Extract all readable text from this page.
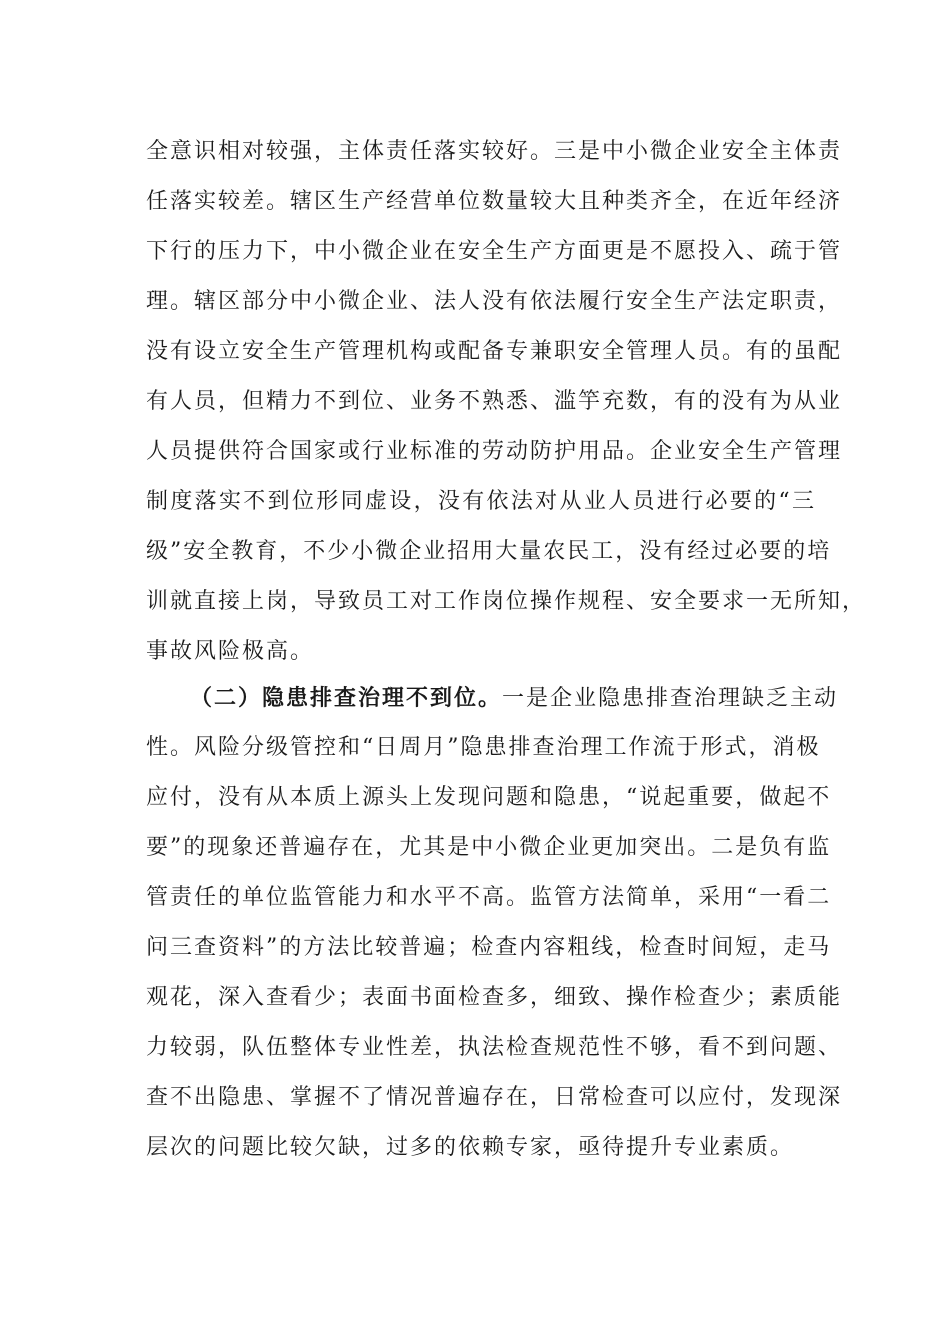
全意识相对较强，主体责任落实较好。三是中小微企业安全主体责
任落实较差。辖区生产经营单位数量较大且种类齐全，在近年经济
下行的压力下，中小微企业在安全生产方面更是不愿投入、疏于管
理。辖区部分中小微企业、法人没有依法履行安全生产法定职责，
没有设立安全生产管理机构或配备专兼职安全管理人员。有的虽配
有人员，但精力不到位、业务不熟悉、滥竽充数，有的没有为从业
人员提供符合国家或行业标准的劳动防护用品。企业安全生产管理
制度落实不到位形同虚设，没有依法对从业人员进行必要的“三
级”安全教育，不少小微企业招用大量农民工，没有经过必要的培
训就直接上岗，导致员工对工作岗位操作规程、安全要求一无所知，
事故风险极高。
（二）隐患排查治理不到位。一是企业隐患排查治理缺乏主动
性。风险分级管控和“日周月”隐患排查治理工作流于形式，消极
应付，没有从本质上源头上发现问题和隐患，“说起重要，做起不
要”的现象还普遍存在，尤其是中小微企业更加突出。二是负有监
管责任的单位监管能力和水平不高。监管方法简单，采用“一看二
问三查资料”的方法比较普遍；检查内容粗线，检查时间短，走马
观花，深入查看少；表面书面检查多，细致、操作检查少；素质能
力较弱，队伍整体专业性差，执法检查规范性不够，看不到问题、
查不出隐患、掌握不了情况普遍存在，日常检查可以应付，发现深
层次的问题比较欠缺，过多的依赖专家，亟待提升专业素质。
